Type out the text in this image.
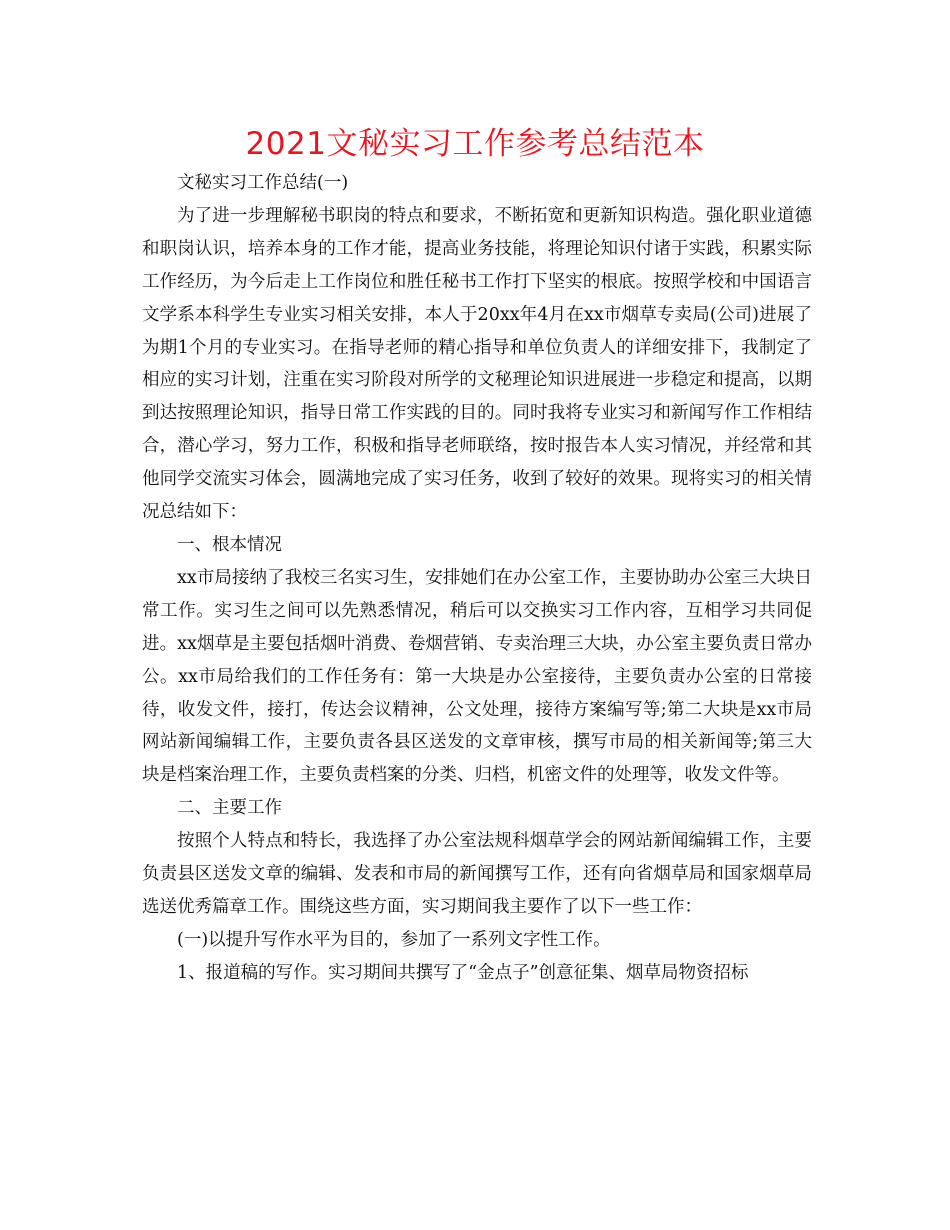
2021文秘实习工作参考总结范本

文秘实习工作总结(一)

为了进一步理解秘书职岗的特点和要求，不断拓宽和更新知识构造。强化职业道德和职岗认识，培养本身的工作才能，提高业务技能，将理论知识付诸于实践，积累实际工作经历，为今后走上工作岗位和胜任秘书工作打下坚实的根底。按照学校和中国语言文学系本科学生专业实习相关安排，本人于20xx年4月在xx市烟草专卖局(公司)进展了为期1个月的专业实习。在指导老师的精心指导和单位负责人的详细安排下，我制定了相应的实习计划，注重在实习阶段对所学的文秘理论知识进展进一步稳定和提高，以期到达按照理论知识，指导日常工作实践的目的。同时我将专业实习和新闻写作工作相结合，潜心学习，努力工作，积极和指导老师联络，按时报告本人实习情况，并经常和其他同学交流实习体会，圆满地完成了实习任务，收到了较好的效果。现将实习的相关情况总结如下：

一、根本情况

xx市局接纳了我校三名实习生，安排她们在办公室工作，主要协助办公室三大块日常工作。实习生之间可以先熟悉情况，稍后可以交换实习工作内容，互相学习共同促进。xx烟草是主要包括烟叶消费、卷烟营销、专卖治理三大块，办公室主要负责日常办公。xx市局给我们的工作任务有：第一大块是办公室接待，主要负责办公室的日常接待，收发文件，接打，传达会议精神，公文处理，接待方案编写等;第二大块是xx市局网站新闻编辑工作，主要负责各县区送发的文章审核，撰写市局的相关新闻等;第三大块是档案治理工作，主要负责档案的分类、归档，机密文件的处理等，收发文件等。

二、主要工作

按照个人特点和特长，我选择了办公室法规科烟草学会的网站新闻编辑工作，主要负责县区送发文章的编辑、发表和市局的新闻撰写工作，还有向省烟草局和国家烟草局选送优秀篇章工作。围绕这些方面，实习期间我主要作了以下一些工作：

(一)以提升写作水平为目的，参加了一系列文字性工作。

1、报道稿的写作。实习期间共撰写了“金点子”创意征集、烟草局物资招标
